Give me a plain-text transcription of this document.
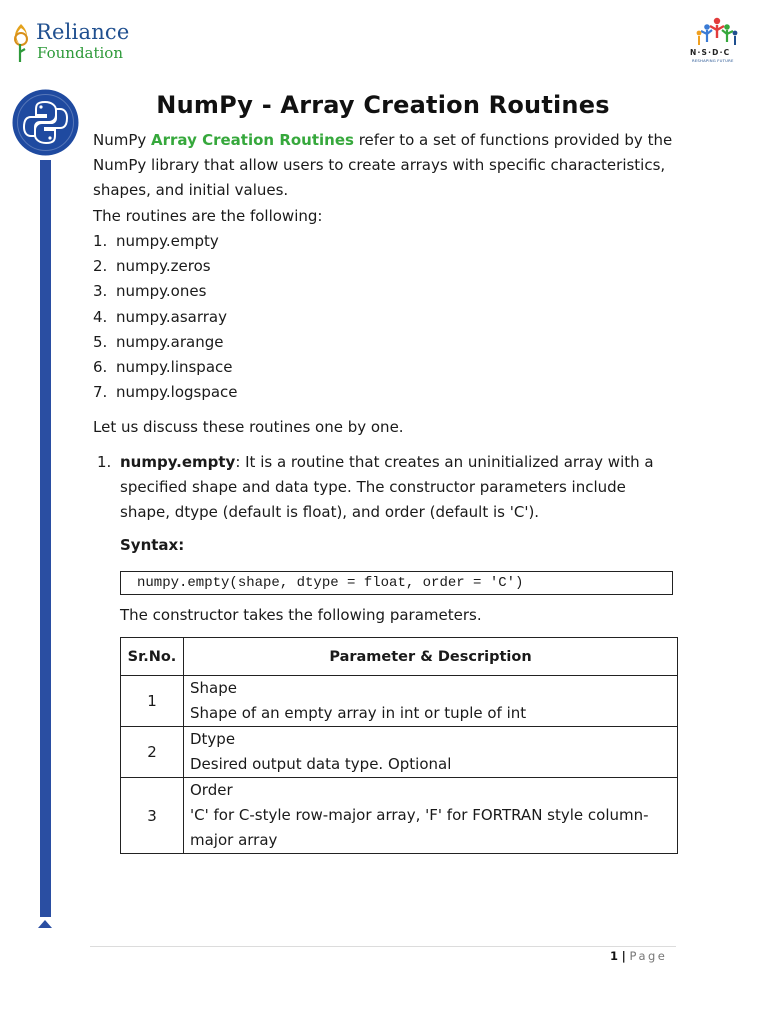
Reliance
Foundation	N·S·D·C
RESHAPING FUTURE
NumPy - Array Creation Routines
NumPy Array Creation Routines refer to a set of functions provided by the NumPy library that allow users to create arrays with specific characteristics, shapes, and initial values.
The routines are the following:
1. numpy.empty
2. numpy.zeros
3. numpy.ones
4. numpy.asarray
5. numpy.arange
6. numpy.linspace
7. numpy.logspace
Let us discuss these routines one by one.
1. numpy.empty: It is a routine that creates an uninitialized array with a specified shape and data type. The constructor parameters include shape, dtype (default is float), and order (default is 'C').
Syntax:
numpy.empty(shape, dtype = float, order = 'C')
The constructor takes the following parameters.
Sr.No.	Parameter & Description
1	Shape
Shape of an empty array in int or tuple of int

2	Dtype
Desired output data type. Optional

3	Order
'C' for C-style row-major array, 'F' for FORTRAN style column-major array
1 | Page
